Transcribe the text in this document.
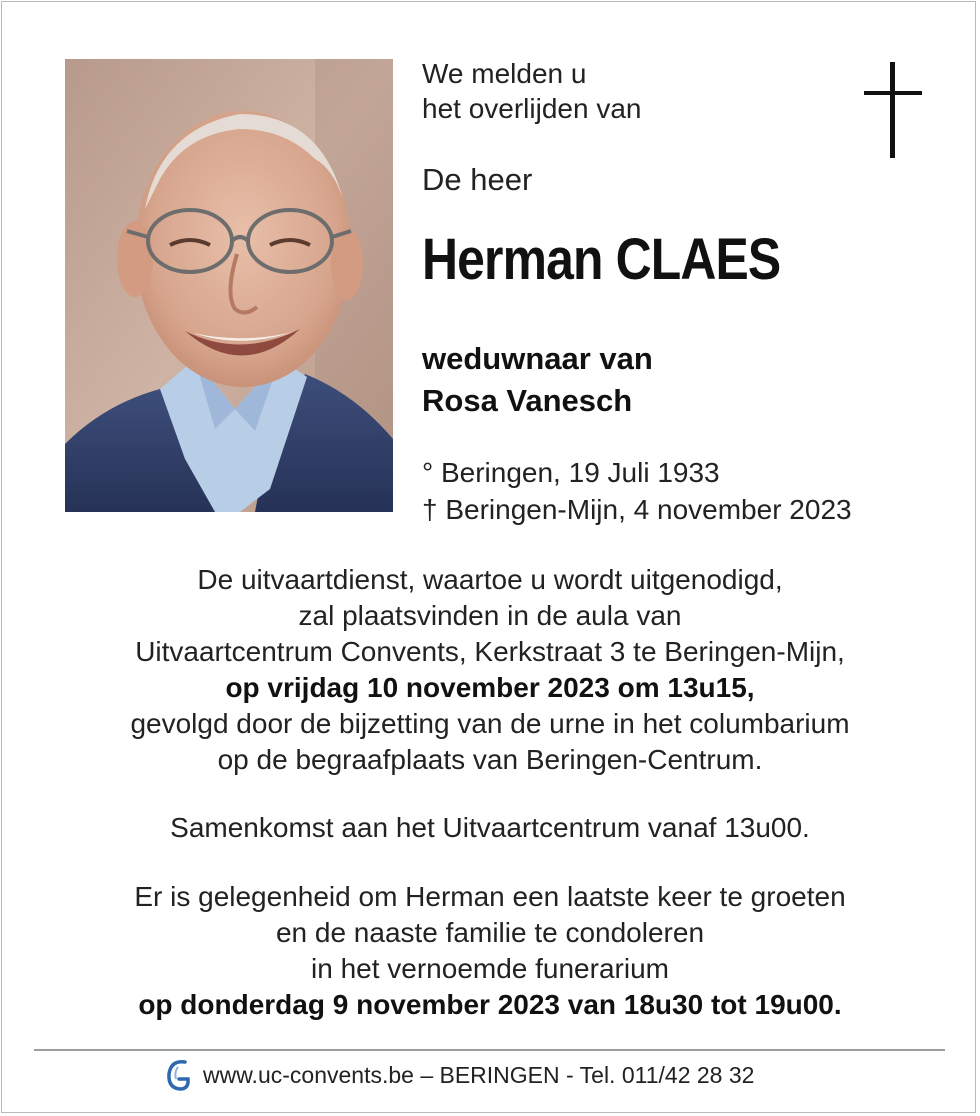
We melden u
het overlijden van
De heer
Herman CLAES
weduwnaar van
Rosa Vanesch
° Beringen, 19 Juli 1933
† Beringen-Mijn, 4 november 2023
De uitvaartdienst, waartoe u wordt uitgenodigd,
zal plaatsvinden in de aula van
Uitvaartcentrum Convents, Kerkstraat 3 te Beringen-Mijn,
op vrijdag 10 november 2023 om 13u15,
gevolgd door de bijzetting van de urne in het columbarium
op de begraafplaats van Beringen-Centrum.
Samenkomst aan het Uitvaartcentrum vanaf 13u00.
Er is gelegenheid om Herman een laatste keer te groeten
en de naaste familie te condoleren
in het vernoemde funerarium
op donderdag 9 november 2023 van 18u30 tot 19u00.
www.uc-convents.be – BERINGEN - Tel. 011/42 28 32
